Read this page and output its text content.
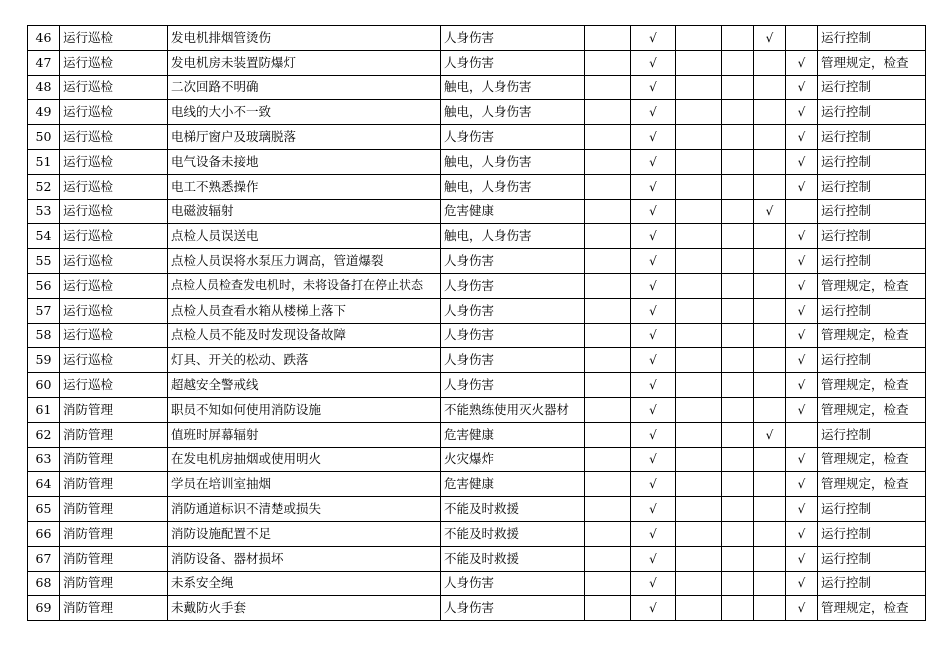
46	运行巡检	发电机排烟管烫伤	人身伤害		√			√		运行控制
47	运行巡检	发电机房未装置防爆灯	人身伤害		√				√	管理规定，检查
48	运行巡检	二次回路不明确	触电，人身伤害		√				√	运行控制
49	运行巡检	电线的大小不一致	触电，人身伤害		√				√	运行控制
50	运行巡检	电梯厅窗户及玻璃脱落	人身伤害		√				√	运行控制
51	运行巡检	电气设备未接地	触电，人身伤害		√				√	运行控制
52	运行巡检	电工不熟悉操作	触电，人身伤害		√				√	运行控制
53	运行巡检	电磁波辐射	危害健康		√			√		运行控制
54	运行巡检	点检人员误送电	触电，人身伤害		√				√	运行控制
55	运行巡检	点检人员误将水泵压力调高，管道爆裂	人身伤害		√				√	运行控制
56	运行巡检	点检人员检查发电机时，未将设备打在停止状态	人身伤害		√				√	管理规定，检查
57	运行巡检	点检人员查看水箱从楼梯上落下	人身伤害		√				√	运行控制
58	运行巡检	点检人员不能及时发现设备故障	人身伤害		√				√	管理规定，检查
59	运行巡检	灯具、开关的松动、跌落	人身伤害		√				√	运行控制
60	运行巡检	超越安全警戒线	人身伤害		√				√	管理规定，检查
61	消防管理	职员不知如何使用消防设施	不能熟练使用灭火器材		√				√	管理规定，检查
62	消防管理	值班时屏幕辐射	危害健康		√			√		运行控制
63	消防管理	在发电机房抽烟或使用明火	火灾爆炸		√				√	管理规定，检查
64	消防管理	学员在培训室抽烟	危害健康		√				√	管理规定，检查
65	消防管理	消防通道标识不清楚或损失	不能及时救援		√				√	运行控制
66	消防管理	消防设施配置不足	不能及时救援		√				√	运行控制
67	消防管理	消防设备、器材损坏	不能及时救援		√				√	运行控制
68	消防管理	未系安全绳	人身伤害		√				√	运行控制
69	消防管理	未戴防火手套	人身伤害		√				√	管理规定，检查
